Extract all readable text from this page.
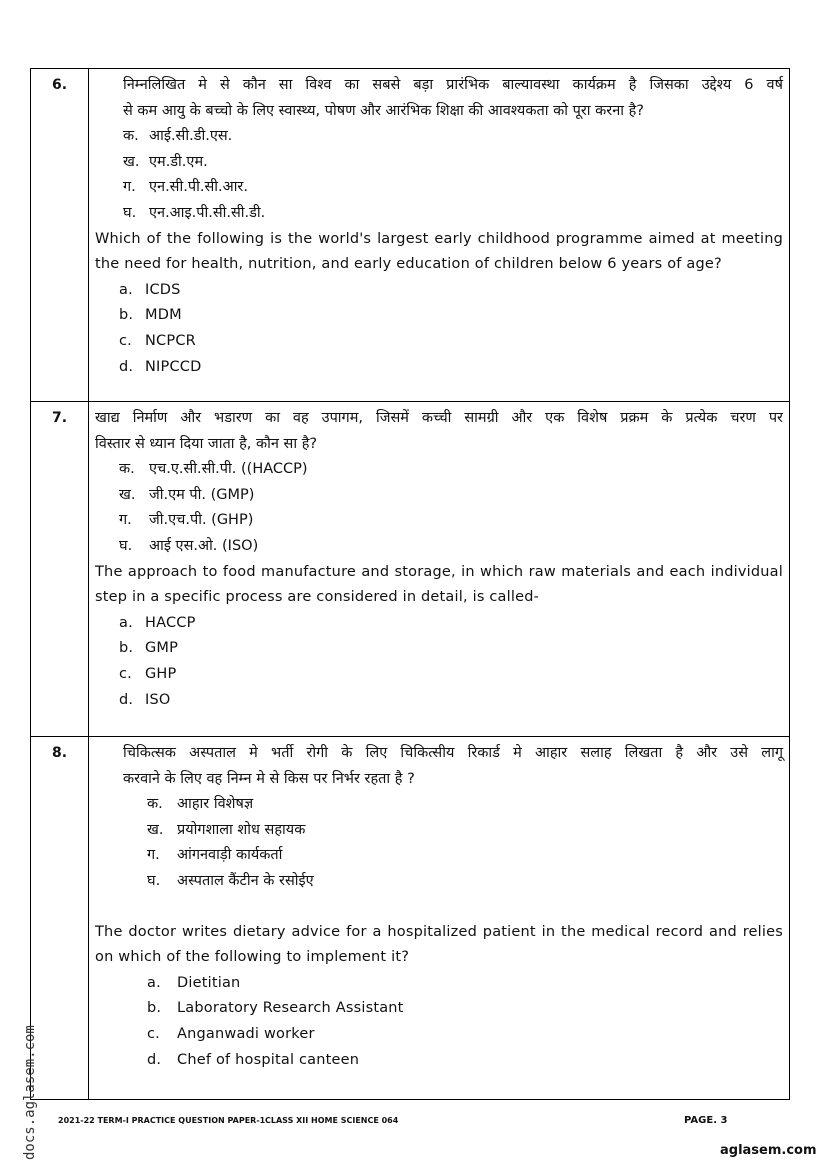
6.	निम्नलिखित मे से कौन सा विश्व का सबसे बड़ा प्रारंभिक बाल्यावस्था कार्यक्रम है जिसका उद्देश्य 6 वर्ष

से कम आयु के बच्चो के लिए स्वास्थ्य, पोषण और आरंभिक शिक्षा की आवश्यकता को पूरा करना है?

क. आई.सी.डी.एस.
ख. एम.डी.एम.
ग. एन.सी.पी.सी.आर.
घ. एन.आइ.पी.सी.सी.डी.

Which of the following is the world's largest early childhood programme aimed at meeting

the need for health, nutrition, and early education of children below 6 years of age?

a. ICDS
b. MDM
c. NCPCR
d. NIPCCD
7.	खाद्य निर्माण और भडारण का वह उपागम, जिसमें कच्ची सामग्री और एक विशेष प्रक्रम के प्रत्येक चरण पर

विस्तार से ध्यान दिया जाता है, कौन सा है?

क. एच.ए.सी.सी.पी. ((HACCP)
ख. जी.एम पी. (GMP)
ग.	जी.एच.पी. (GHP)
घ.	आई एस.ओ. (ISO)

The approach to food manufacture and storage, in which raw materials and each individual

step in a specific process are considered in detail, is called-

a. HACCP
b. GMP
c. GHP
d. ISO
8.	चिकित्सक अस्पताल मे भर्ती रोगी के लिए चिकित्सीय रिकार्ड मे आहार सलाह लिखता है और उसे लागू

करवाने के लिए वह निम्न मे से किस पर निर्भर रहता है ?

क. आहार विशेषज्ञ
ख. प्रयोगशाला शोध सहायक
ग.	आंगनवाड़ी कार्यकर्ता
घ.	अस्पताल कैंटीन के रसोईए

The doctor writes dietary advice for a hospitalized patient in the medical record and relies

on which of the following to implement it?

a.	Dietitian
b.	Laboratory Research Assistant
c.	Anganwadi worker
d.	Chef of hospital canteen
2021-22 TERM-I PRACTICE QUESTION PAPER-1 CLASS XII HOME SCIENCE 064	PAGE. 3
aglasem.com
docs.aglasem.com
